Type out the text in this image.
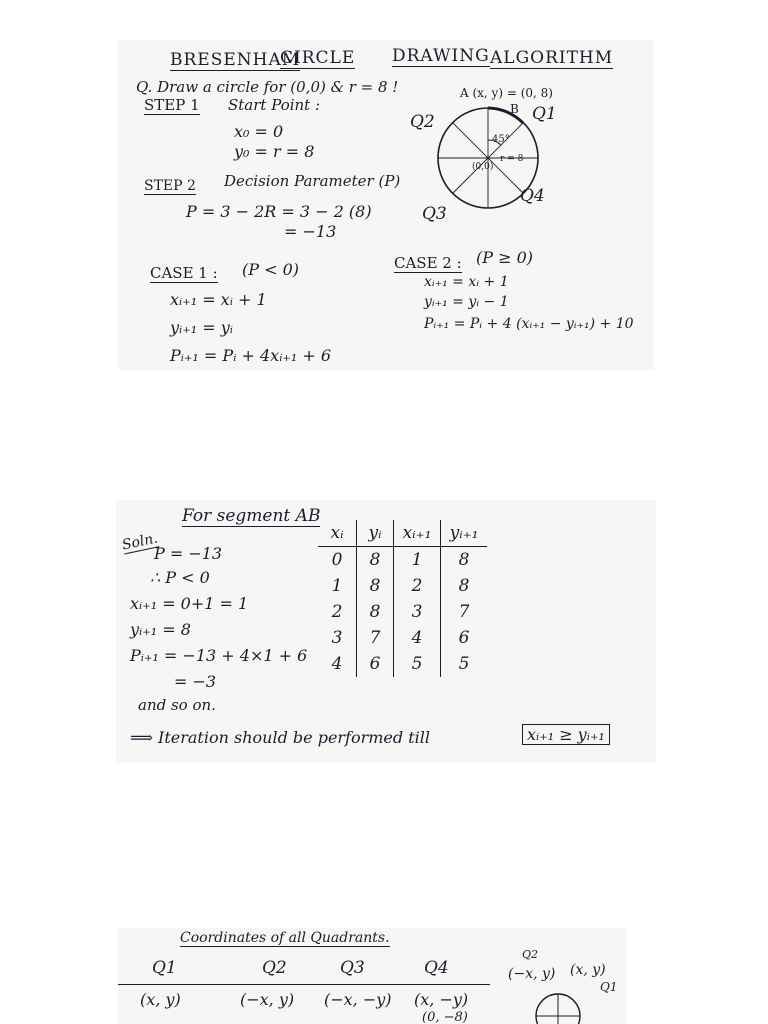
BRESENHAM
CIRCLE DRAWING ALGORITHM
Q. Draw a circle for (0,0) & r = 8 !
STEP 1 Start Point :
x₀ = 0
y₀ = r = 8
STEP 2 Decision Parameter (P)
P = 3 − 2R = 3 − 2 (8)
= −13
A (x, y) = (0, 8)
B
45°
r = 8
(0,0)
Q1
Q2
Q3
Q4
CASE 1 : (P < 0)
xᵢ₊₁ = xᵢ + 1
yᵢ₊₁ = yᵢ
Pᵢ₊₁ = Pᵢ + 4xᵢ₊₁ + 6
CASE 2 : (P ≥ 0)
xᵢ₊₁ = xᵢ + 1
yᵢ₊₁ = yᵢ − 1
Pᵢ₊₁ = Pᵢ + 4 (xᵢ₊₁ − yᵢ₊₁) + 10
For segment AB
Soln.
P = −13
∴ P < 0
xᵢ₊₁ = 0+1 = 1
yᵢ₊₁ = 8
Pᵢ₊₁ = −13 + 4×1 + 6
= −3
and so on.
⟹ Iteration should be performed till	xᵢ₊₁ ≥ yᵢ₊₁
xᵢ	yᵢ	xᵢ₊₁	yᵢ₊₁
0	8	1	8
1	8	2	8
2	8	3	7
3	7	4	6
4	6	5	5
Coordinates of all Quadrants.
Q1	Q2	Q3	Q4
(x, y)	(−x, y) (−x, −y) (x, −y)
(0, −8)
Q2
(−x, y) (x, y)
Q1
